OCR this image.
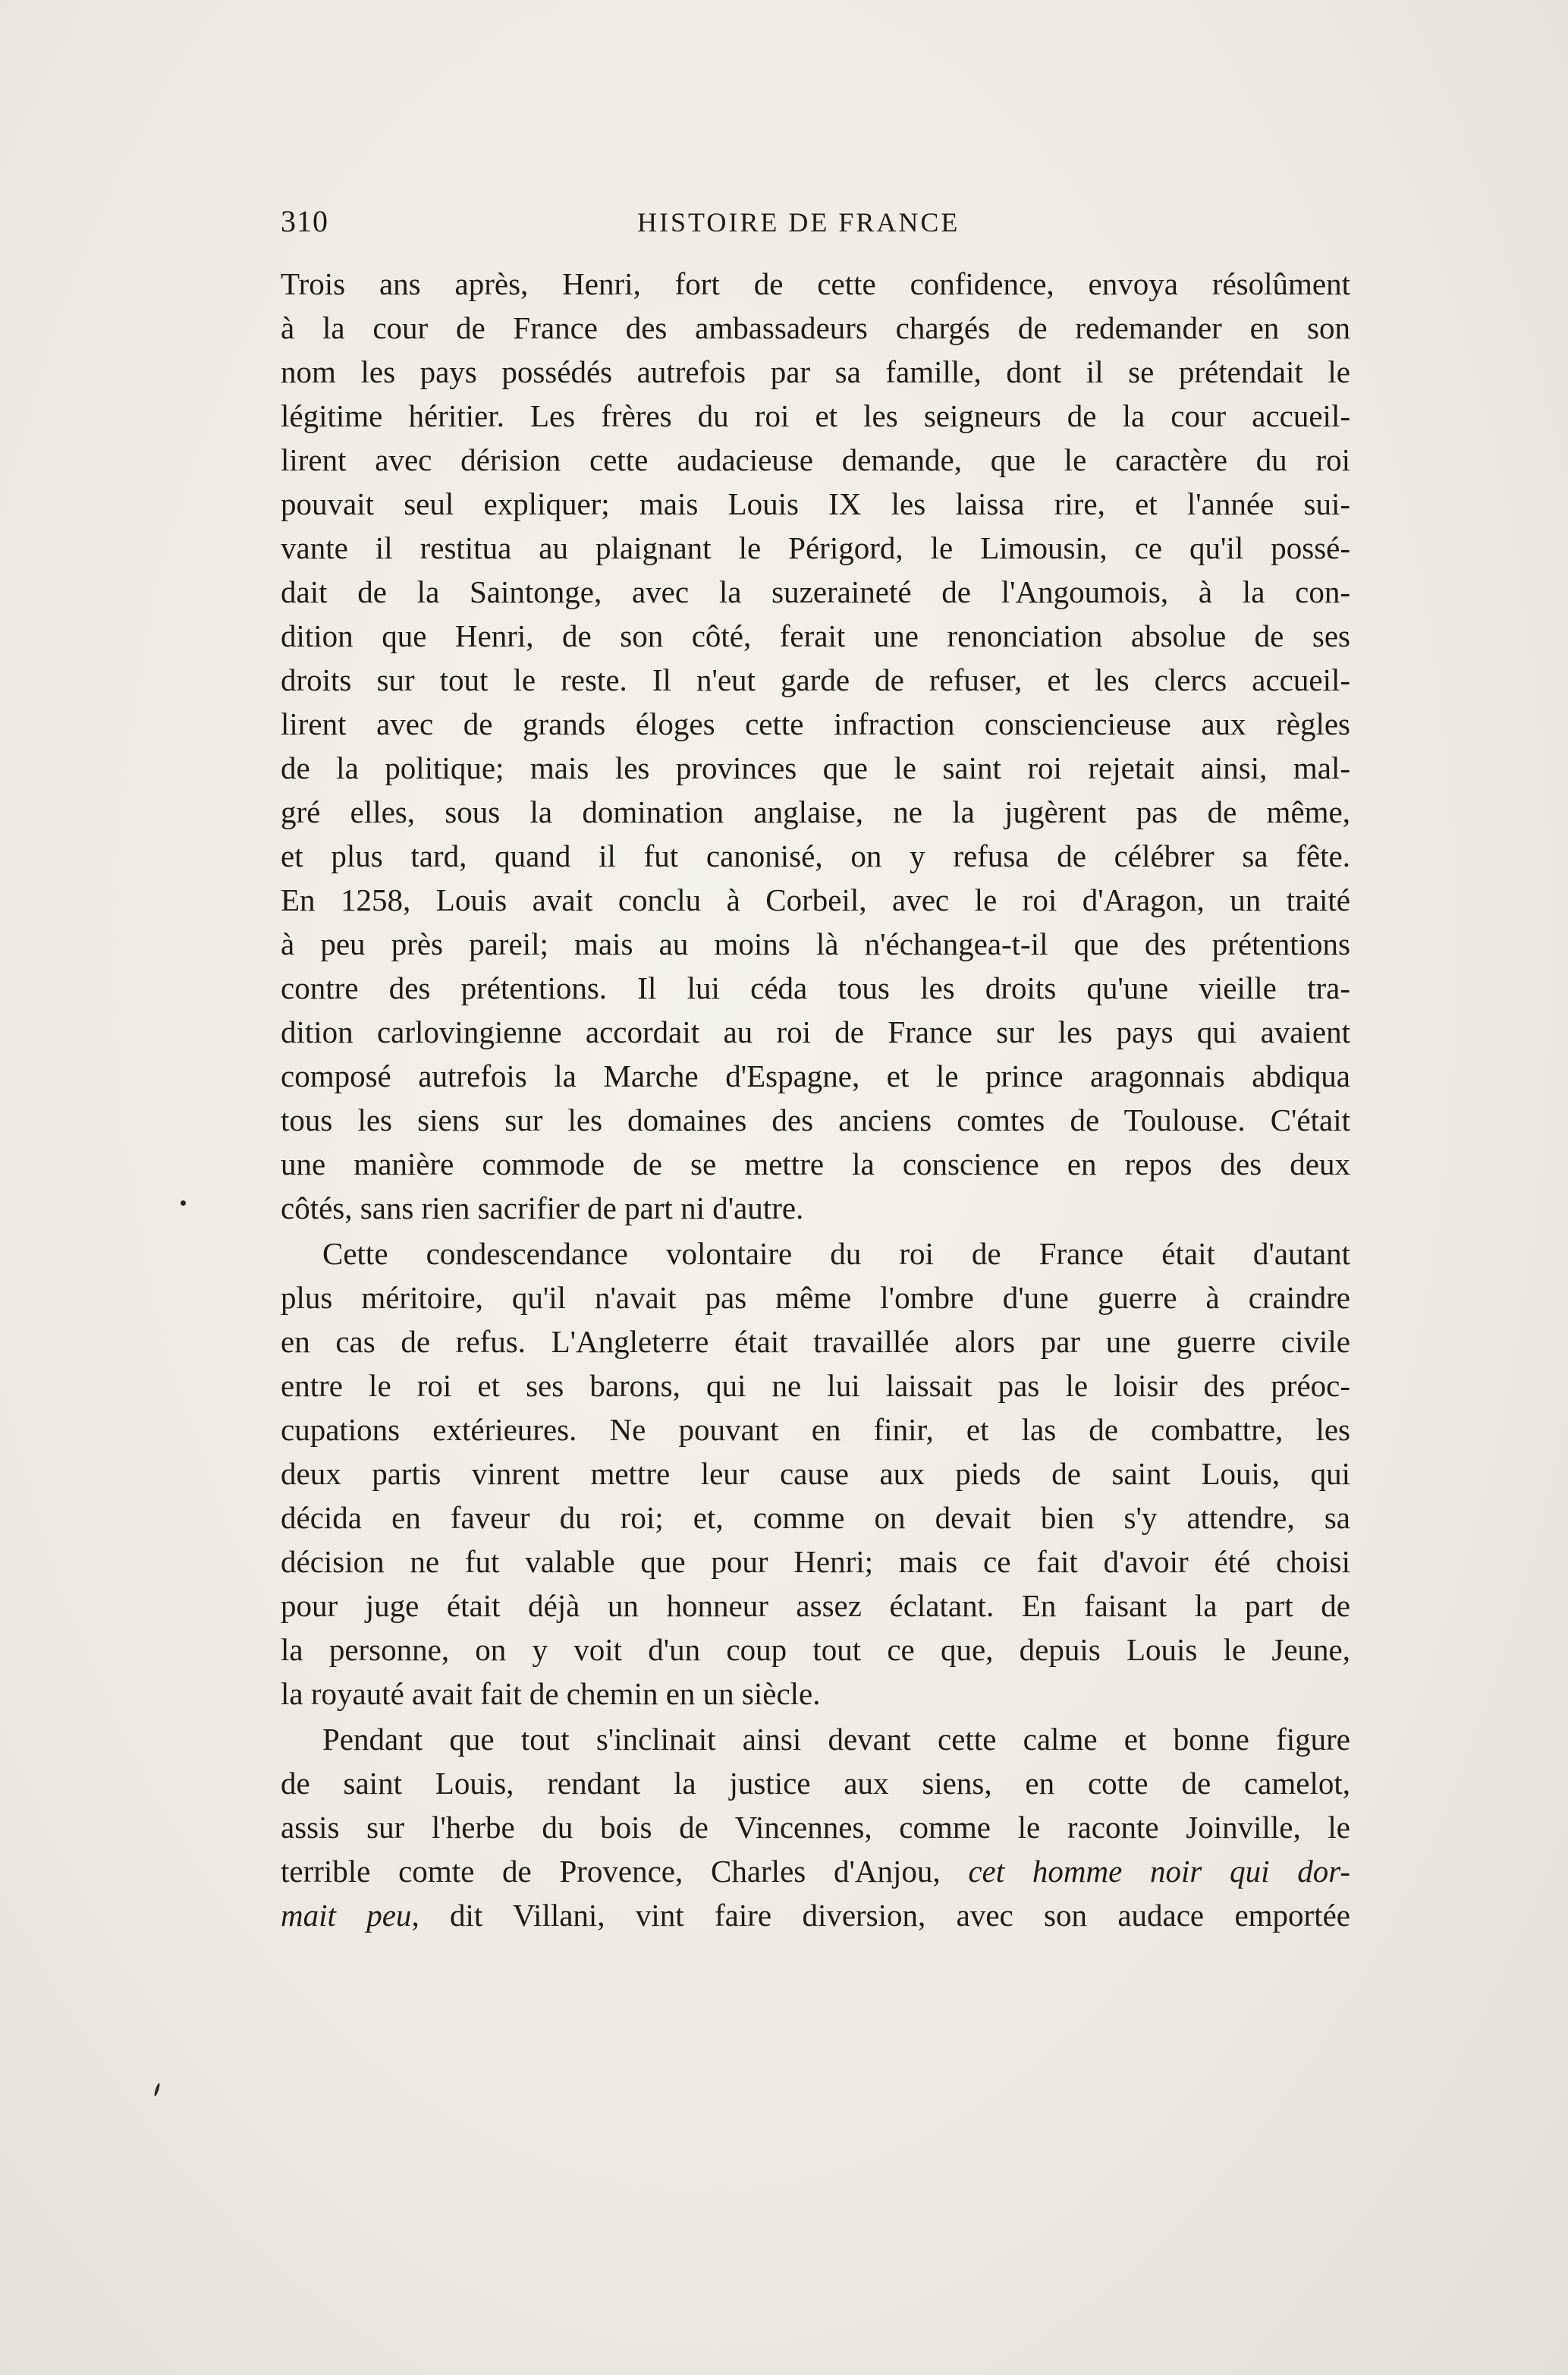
310	HISTOIRE DE FRANCE
Trois ans après, Henri, fort de cette confidence, envoya résolûment
à la cour de France des ambassadeurs chargés de redemander en son
nom les pays possédés autrefois par sa famille, dont il se prétendait le
légitime héritier. Les frères du roi et les seigneurs de la cour accueil-
lirent avec dérision cette audacieuse demande, que le caractère du roi
pouvait seul expliquer; mais Louis IX les laissa rire, et l'année sui-
vante il restitua au plaignant le Périgord, le Limousin, ce qu'il possé-
dait de la Saintonge, avec la suzeraineté de l'Angoumois, à la con-
dition que Henri, de son côté, ferait une renonciation absolue de ses
droits sur tout le reste. Il n'eut garde de refuser, et les clercs accueil-
lirent avec de grands éloges cette infraction consciencieuse aux règles
de la politique; mais les provinces que le saint roi rejetait ainsi, mal-
gré elles, sous la domination anglaise, ne la jugèrent pas de même,
et plus tard, quand il fut canonisé, on y refusa de célébrer sa fête.
En 1258, Louis avait conclu à Corbeil, avec le roi d'Aragon, un traité
à peu près pareil; mais au moins là n'échangea-t-il que des prétentions
contre des prétentions. Il lui céda tous les droits qu'une vieille tra-
dition carlovingienne accordait au roi de France sur les pays qui avaient
composé autrefois la Marche d'Espagne, et le prince aragonnais abdiqua
tous les siens sur les domaines des anciens comtes de Toulouse. C'était
une manière commode de se mettre la conscience en repos des deux
côtés, sans rien sacrifier de part ni d'autre.
Cette condescendance volontaire du roi de France était d'autant
plus méritoire, qu'il n'avait pas même l'ombre d'une guerre à craindre
en cas de refus. L'Angleterre était travaillée alors par une guerre civile
entre le roi et ses barons, qui ne lui laissait pas le loisir des préoc-
cupations extérieures. Ne pouvant en finir, et las de combattre, les
deux partis vinrent mettre leur cause aux pieds de saint Louis, qui
décida en faveur du roi; et, comme on devait bien s'y attendre, sa
décision ne fut valable que pour Henri; mais ce fait d'avoir été choisi
pour juge était déjà un honneur assez éclatant. En faisant la part de
la personne, on y voit d'un coup tout ce que, depuis Louis le Jeune,
la royauté avait fait de chemin en un siècle.
Pendant que tout s'inclinait ainsi devant cette calme et bonne figure
de saint Louis, rendant la justice aux siens, en cotte de camelot,
assis sur l'herbe du bois de Vincennes, comme le raconte Joinville, le
terrible comte de Provence, Charles d'Anjou, cet homme noir qui dor-
mait peu, dit Villani, vint faire diversion, avec son audace emportée
